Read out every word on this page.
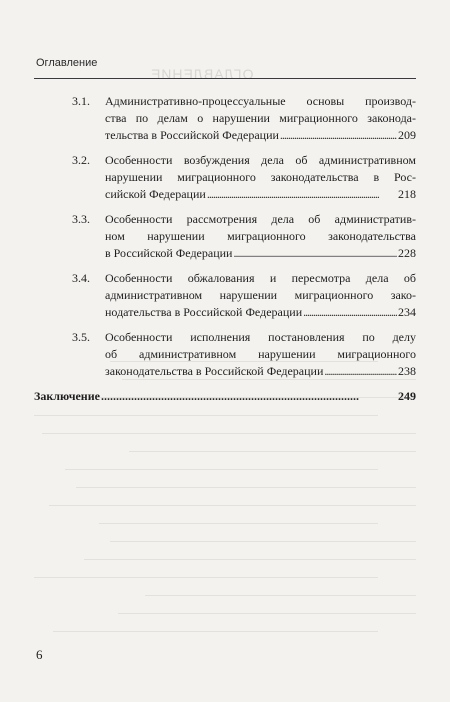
ОГЛАВЛЕНИЕ
Оглавление
3.1. Административно-процессуальные основы производ-
ства по делам о нарушении миграционного законода-
тельства в Российской Федерации . . .	209
3.2. Особенности возбуждения дела об административном
нарушении миграционного законодательства в Рос-
сийской Федерации . . .	218
3.3. Особенности рассмотрения дела об административ-
ном нарушении миграционного законодательства
в Российской Федерации . . .	228
3.4. Особенности обжалования и пересмотра дела об
административном нарушении миграционного зако-
нодательства в Российской Федерации . . .	234
3.5. Особенности исполнения постановления по делу
об административном нарушении миграционного
законодательства в Российской Федерации . . .	238
Заключение . . .	249
6
